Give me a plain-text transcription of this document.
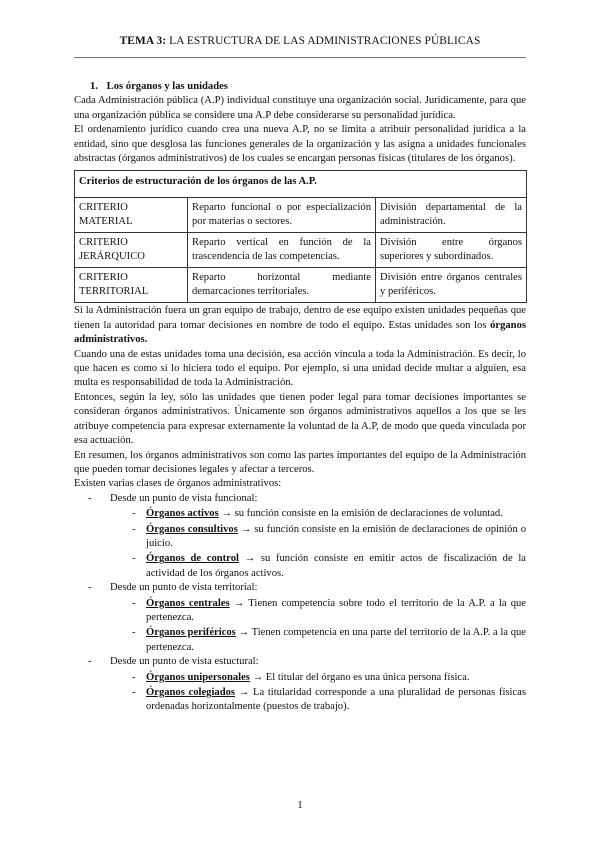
TEMA 3: LA ESTRUCTURA DE LAS ADMINISTRACIONES PÚBLICAS
1. Los órganos y las unidades

Cada Administración pública (A.P) individual constituye una organización social. Jurídicamente, para que una organización pública se considere una A.P debe considerarse su personalidad jurídica.

El ordenamiento jurídico cuando crea una nueva A.P, no se limita a atribuir personalidad jurídica a la entidad, sino que desglosa las funciones generales de la organización y las asigna a unidades funcionales abstractas (órganos administrativos) de los cuales se encargan personas físicas (titulares de los órganos).

Criterios de estructuración de los órganos de las A.P.		
CRITERIO MATERIAL	Reparto funcional o por especialización por materias o sectores.	División departamental de la administración.
CRITERIO JERÁRQUICO	Reparto vertical en función de la trascendencia de las competencias.	División entre órganos superiores y subordinados.
CRITERIO TERRITORIAL	Reparto horizontal mediante demarcaciones territoriales.	División entre órganos centrales y periféricos.

Si la Administración fuera un gran equipo de trabajo, dentro de ese equipo existen unidades pequeñas que tienen la autoridad para tomar decisiones en nombre de todo el equipo. Estas unidades son los órganos administrativos.

Cuando una de estas unidades toma una decisión, esa acción vincula a toda la Administración. Es decir, lo que hacen es como si lo hiciera todo el equipo. Por ejemplo, si una unidad decide multar a alguien, esa multa es responsabilidad de toda la Administración.

Entonces, según la ley, sólo las unidades que tienen poder legal para tomar decisiones importantes se consideran órganos administrativos. Únicamente son órganos administrativos aquellos a los que se les atribuye competencia para expresar externamente la voluntad de la A.P, de modo que queda vinculada por esa actuación.

En resumen, los órganos administrativos son como las partes importantes del equipo de la Administración que pueden tomar decisiones legales y afectar a terceros.

Existen varias clases de órganos administrativos:

- Desde un punto de vista funcional:
- Órganos activos → su función consiste en la emisión de declaraciones de voluntad.
- Órganos consultivos → su función consiste en la emisión de declaraciones de opinión o juicio.
- Órganos de control → su función consiste en emitir actos de fiscalización de la actividad de los órganos activos.
- Desde un punto de vista territorial:
- Órganos centrales → Tienen competencia sobre todo el territorio de la A.P. a la que pertenezca.
- Órganos periféricos → Tienen competencia en una parte del territorio de la A.P. a la que pertenezca.
- Desde un punto de vista estuctural:
- Órganos unipersonales → El titular del órgano es una única persona física.
- Órganos colegiados → La titularidad corresponde a una pluralidad de personas físicas ordenadas horizontalmente (puestos de trabajo).
1
